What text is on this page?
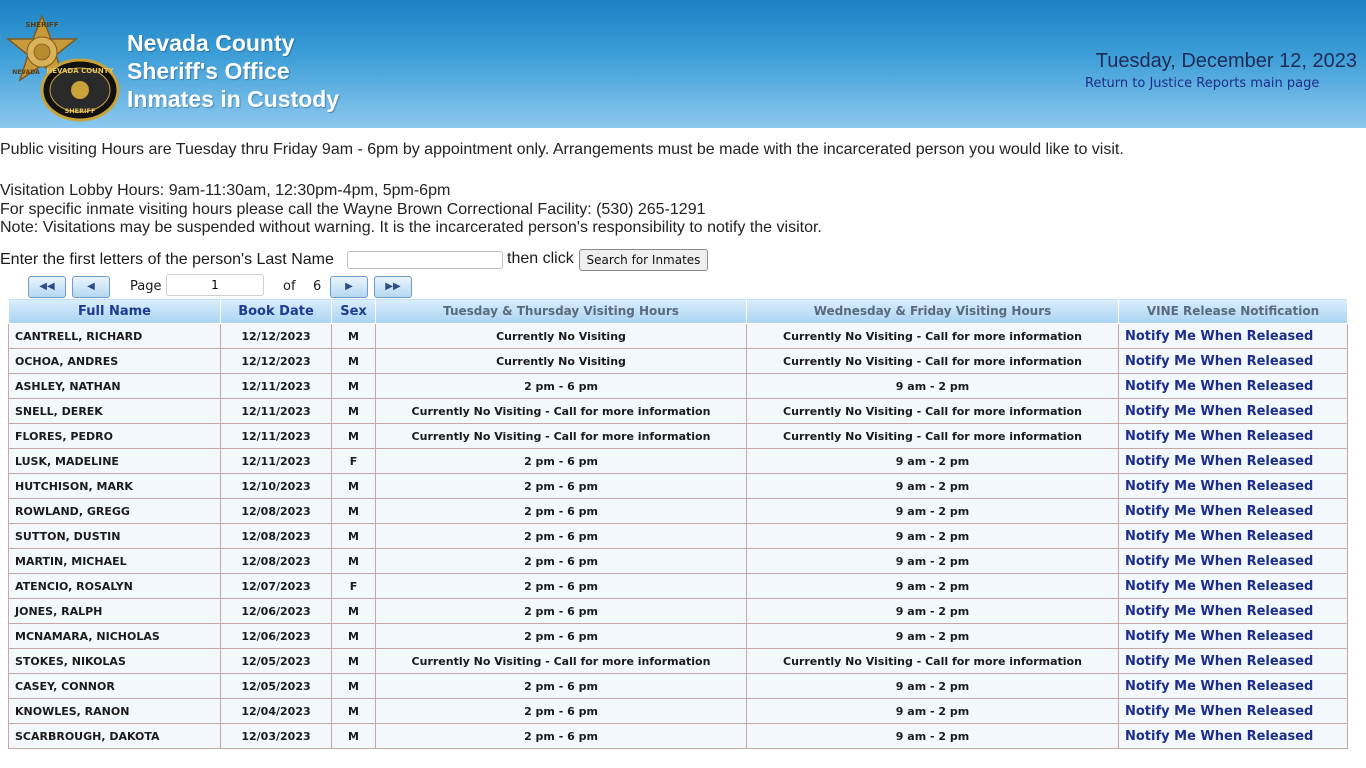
SHERIFF
NEVADA NEVADA COUNTY
SHERIFF
Nevada County
Sheriff's Office
Inmates in Custody
Tuesday, December 12, 2023
Return to Justice Reports main page
Public visiting Hours are Tuesday thru Friday 9am - 6pm by appointment only. Arrangements must be made with the incarcerated person you would like to visit.
Visitation Lobby Hours: 9am-11:30am, 12:30pm-4pm, 5pm-6pm
For specific inmate visiting hours please call the Wayne Brown Correctional Facility: (530) 265-1291
Note: Visitations may be suspended without warning. It is the incarcerated person's responsibility to notify the visitor.
Enter the first letters of the person's Last Name	then click	Search for Inmates
◀◀	◀	Page
1	of 6	▶	▶▶
Full Name	Book Date	Sex	Tuesday & Thursday Visiting Hours	Wednesday & Friday Visiting Hours	VINE Release Notification
CANTRELL, RICHARD	12/12/2023	M	Currently No Visiting	Currently No Visiting - Call for more information	Notify Me When Released
OCHOA, ANDRES	12/12/2023	M	Currently No Visiting	Currently No Visiting - Call for more information	Notify Me When Released
ASHLEY, NATHAN	12/11/2023	M	2 pm - 6 pm	9 am - 2 pm	Notify Me When Released
SNELL, DEREK	12/11/2023	M	Currently No Visiting - Call for more information	Currently No Visiting - Call for more information	Notify Me When Released
FLORES, PEDRO	12/11/2023	M	Currently No Visiting - Call for more information	Currently No Visiting - Call for more information	Notify Me When Released
LUSK, MADELINE	12/11/2023	F	2 pm - 6 pm	9 am - 2 pm	Notify Me When Released
HUTCHISON, MARK	12/10/2023	M	2 pm - 6 pm	9 am - 2 pm	Notify Me When Released
ROWLAND, GREGG	12/08/2023	M	2 pm - 6 pm	9 am - 2 pm	Notify Me When Released
SUTTON, DUSTIN	12/08/2023	M	2 pm - 6 pm	9 am - 2 pm	Notify Me When Released
MARTIN, MICHAEL	12/08/2023	M	2 pm - 6 pm	9 am - 2 pm	Notify Me When Released
ATENCIO, ROSALYN	12/07/2023	F	2 pm - 6 pm	9 am - 2 pm	Notify Me When Released
JONES, RALPH	12/06/2023	M	2 pm - 6 pm	9 am - 2 pm	Notify Me When Released
MCNAMARA, NICHOLAS	12/06/2023	M	2 pm - 6 pm	9 am - 2 pm	Notify Me When Released
STOKES, NIKOLAS	12/05/2023	M	Currently No Visiting - Call for more information	Currently No Visiting - Call for more information	Notify Me When Released
CASEY, CONNOR	12/05/2023	M	2 pm - 6 pm	9 am - 2 pm	Notify Me When Released
KNOWLES, RANON	12/04/2023	M	2 pm - 6 pm	9 am - 2 pm	Notify Me When Released
SCARBROUGH, DAKOTA	12/03/2023	M	2 pm - 6 pm	9 am - 2 pm	Notify Me When Released
